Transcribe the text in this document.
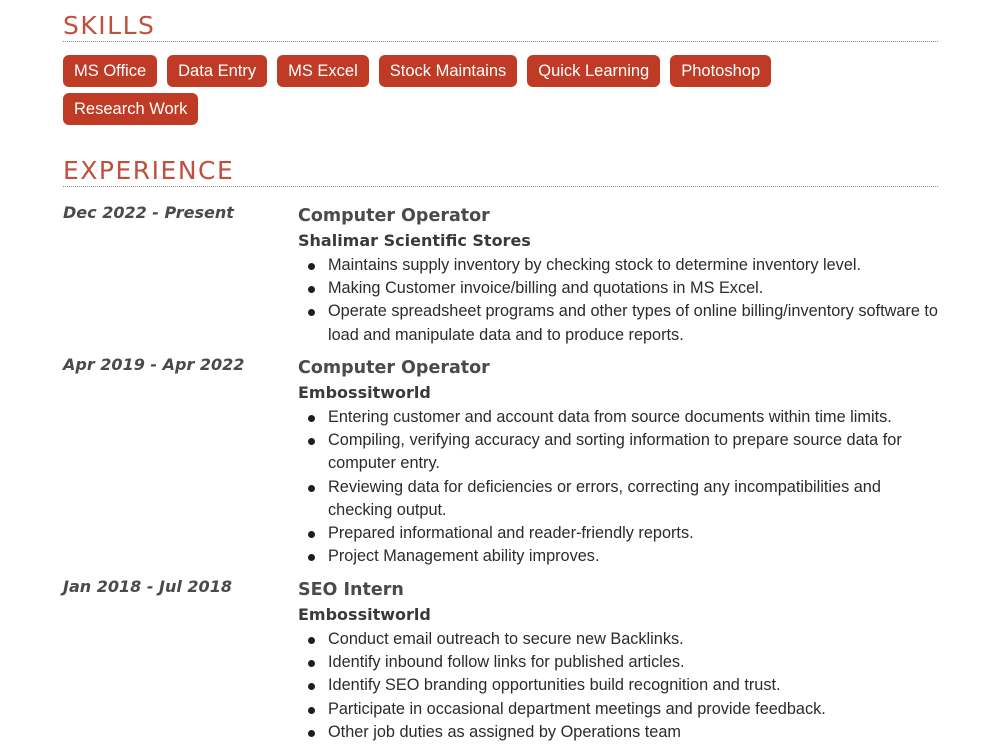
SKILLS
MS Office	Data Entry	MS Excel	Stock Maintains	Quick Learning	Photoshop
Research Work
EXPERIENCE
Dec 2022 - Present	Computer Operator
Shalimar Scientific Stores
Maintains supply inventory by checking stock to determine inventory level.
Making Customer invoice/billing and quotations in MS Excel.
Operate spreadsheet programs and other types of online billing/inventory software to load and manipulate data and to produce reports.
Apr 2019 - Apr 2022	Computer Operator
Embossitworld
Entering customer and account data from source documents within time limits.
Compiling, verifying accuracy and sorting information to prepare source data for computer entry.
Reviewing data for deficiencies or errors, correcting any incompatibilities and checking output.
Prepared informational and reader-friendly reports.
Project Management ability improves.
Jan 2018 - Jul 2018	SEO Intern
Embossitworld
Conduct email outreach to secure new Backlinks.
Identify inbound follow links for published articles.
Identify SEO branding opportunities build recognition and trust.
Participate in occasional department meetings and provide feedback.
Other job duties as assigned by Operations team
